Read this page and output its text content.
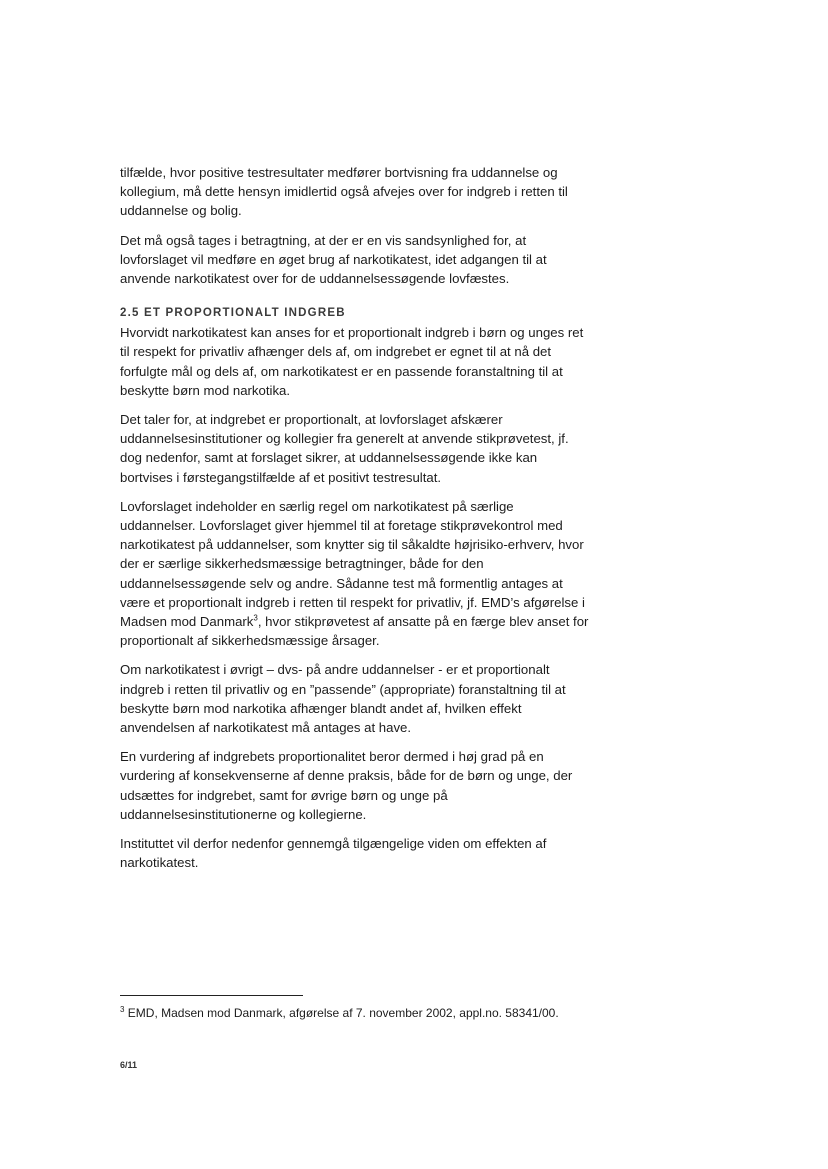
tilfælde, hvor positive testresultater medfører bortvisning fra uddannelse og kollegium, må dette hensyn imidlertid også afvejes over for indgreb i retten til uddannelse og bolig.

Det må også tages i betragtning, at der er en vis sandsynlighed for, at lovforslaget vil medføre en øget brug af narkotikatest, idet adgangen til at anvende narkotikatest over for de uddannelsessøgende lovfæstes.

2.5 ET PROPORTIONALT INDGREB

Hvorvidt narkotikatest kan anses for et proportionalt indgreb i børn og unges ret til respekt for privatliv afhænger dels af, om indgrebet er egnet til at nå det forfulgte mål og dels af, om narkotikatest er en passende foranstaltning til at beskytte børn mod narkotika.

Det taler for, at indgrebet er proportionalt, at lovforslaget afskærer uddannelsesinstitutioner og kollegier fra generelt at anvende stikprøvetest, jf. dog nedenfor, samt at forslaget sikrer, at uddannelsessøgende ikke kan bortvises i førstegangstilfælde af et positivt testresultat.

Lovforslaget indeholder en særlig regel om narkotikatest på særlige uddannelser. Lovforslaget giver hjemmel til at foretage stikprøvekontrol med narkotikatest på uddannelser, som knytter sig til såkaldte højrisiko-erhverv, hvor der er særlige sikkerhedsmæssige betragtninger, både for den uddannelsessøgende selv og andre. Sådanne test må formentlig antages at være et proportionalt indgreb i retten til respekt for privatliv, jf. EMD’s afgørelse i Madsen mod Danmark$^3$, hvor stikprøvetest af ansatte på en færge blev anset for proportionalt af sikkerhedsmæssige årsager.

Om narkotikatest i øvrigt – dvs- på andre uddannelser - er et proportionalt indgreb i retten til privatliv og en ”passende” (appropriate) foranstaltning til at beskytte børn mod narkotika afhænger blandt andet af, hvilken effekt anvendelsen af narkotikatest må antages at have.

En vurdering af indgrebets proportionalitet beror dermed i høj grad på en vurdering af konsekvenserne af denne praksis, både for de børn og unge, der udsættes for indgrebet, samt for øvrige børn og unge på uddannelsesinstitutionerne og kollegierne.

Instituttet vil derfor nedenfor gennemgå tilgængelige viden om effekten af narkotikatest.

$^3$ EMD, Madsen mod Danmark, afgørelse af 7. november 2002, appl.no. 58341/00.
6/11
